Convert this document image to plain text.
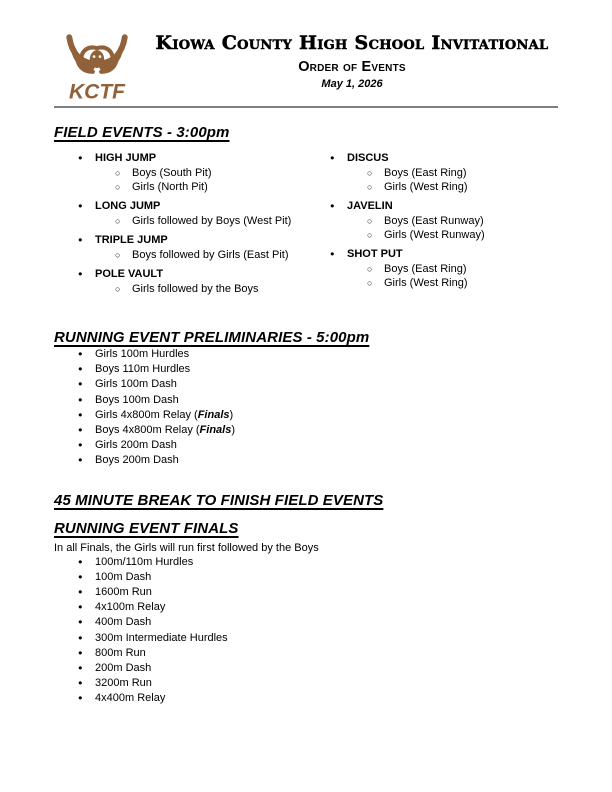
KCTF
Kiowa County High School Invitational
Order of Events
May 1, 2026
FIELD EVENTS - 3:00pm
●
HIGH JUMP
○
Boys (South Pit)
○
Girls (North Pit)
●
LONG JUMP
○
Girls followed by Boys (West Pit)
●
TRIPLE JUMP
○
Boys followed by Girls (East Pit)
●
POLE VAULT
○
Girls followed by the Boys
●
DISCUS
○
Boys (East Ring)
○
Girls (West Ring)
●
JAVELIN
○
Boys (East Runway)
○
Girls (West Runway)
●
SHOT PUT
○
Boys (East Ring)
○
Girls (West Ring)
RUNNING EVENT PRELIMINARIES - 5:00pm
●
Girls 100m Hurdles
●
Boys 110m Hurdles
●
Girls 100m Dash
●
Boys 100m Dash
●
Girls 4x800m Relay (Finals)
●
Boys 4x800m Relay (Finals)
●
Girls 200m Dash
●
Boys 200m Dash
45 MINUTE BREAK TO FINISH FIELD EVENTS
RUNNING EVENT FINALS

In all Finals, the Girls will run first followed by the Boys

●
100m/110m Hurdles
●
100m Dash
●
1600m Run
●
4x100m Relay
●
400m Dash
●
300m Intermediate Hurdles
●
800m Run
●
200m Dash
●
3200m Run
●
4x400m Relay
